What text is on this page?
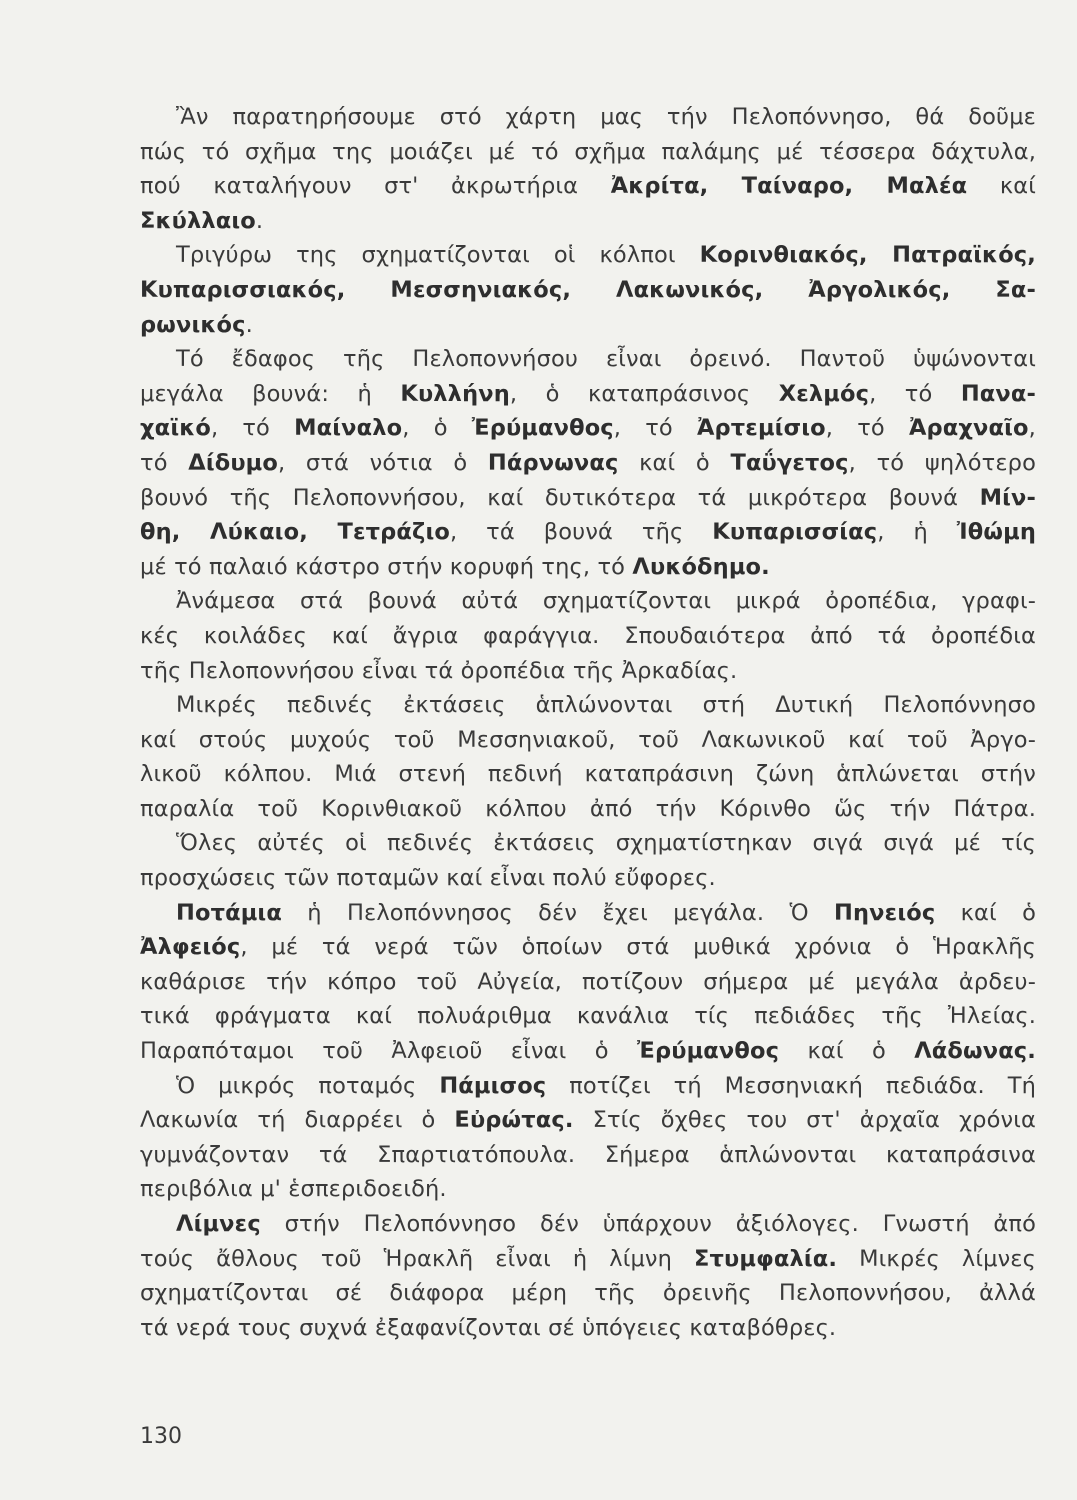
Ἂν παρατηρήσουμε στό χάρτη μας τήν Πελοπόννησο, θά δοῦμε
πώς τό σχῆμα της μοιάζει μέ τό σχῆμα παλάμης μέ τέσσερα δάχτυλα,
πού καταλήγουν στ' ἀκρωτήρια Ἀκρίτα, Ταίναρο, Μαλέα καί
Σκύλλαιο.
Τριγύρω της σχηματίζονται οἱ κόλποι Κορινθιακός, Πατραϊκός,
Κυπαρισσιακός, Μεσσηνιακός, Λακωνικός, Ἀργολικός, Σα-
ρωνικός.
Τό ἔδαφος τῆς Πελοποννήσου εἶναι ὀρεινό. Παντοῦ ὑψώνονται
μεγάλα βουνά: ἡ Κυλλήνη, ὁ καταπράσινος Χελμός, τό Πανα-
χαϊκό, τό Μαίναλο, ὁ Ἐρύμανθος, τό Ἀρτεμίσιο, τό Ἀραχναῖο,
τό Δίδυμο, στά νότια ὁ Πάρνωνας καί ὁ Ταΰγετος, τό ψηλότερο
βουνό τῆς Πελοποννήσου, καί δυτικότερα τά μικρότερα βουνά Μίν-
θη, Λύκαιο, Τετράζιο, τά βουνά τῆς Κυπαρισσίας, ἡ Ἰθώμη
μέ τό παλαιό κάστρο στήν κορυφή της, τό Λυκόδημο.
Ἀνάμεσα στά βουνά αὐτά σχηματίζονται μικρά ὀροπέδια, γραφι-
κές κοιλάδες καί ἄγρια φαράγγια. Σπουδαιότερα ἀπό τά ὀροπέδια
τῆς Πελοποννήσου εἶναι τά ὀροπέδια τῆς Ἀρκαδίας.
Μικρές πεδινές ἐκτάσεις ἁπλώνονται στή Δυτική Πελοπόννησο
καί στούς μυχούς τοῦ Μεσσηνιακοῦ, τοῦ Λακωνικοῦ καί τοῦ Ἀργο-
λικοῦ κόλπου. Μιά στενή πεδινή καταπράσινη ζώνη ἁπλώνεται στήν
παραλία τοῦ Κορινθιακοῦ κόλπου ἀπό τήν Κόρινθο ὥς τήν Πάτρα.
Ὅλες αὐτές οἱ πεδινές ἐκτάσεις σχηματίστηκαν σιγά σιγά μέ τίς
προσχώσεις τῶν ποταμῶν καί εἶναι πολύ εὔφορες.
Ποτάμια ἡ Πελοπόννησος δέν ἔχει μεγάλα. Ὁ Πηνειός καί ὁ
Ἀλφειός, μέ τά νερά τῶν ὁποίων στά μυθικά χρόνια ὁ Ἡρακλῆς
καθάρισε τήν κόπρο τοῦ Αὐγεία, ποτίζουν σήμερα μέ μεγάλα ἀρδευ-
τικά φράγματα καί πολυάριθμα κανάλια τίς πεδιάδες τῆς Ἠλείας.
Παραπόταμοι τοῦ Ἀλφειοῦ εἶναι ὁ Ἐρύμανθος καί ὁ Λάδωνας.
Ὁ μικρός ποταμός Πάμισος ποτίζει τή Μεσσηνιακή πεδιάδα. Τή
Λακωνία τή διαρρέει ὁ Εὐρώτας. Στίς ὄχθες του στ' ἀρχαῖα χρόνια
γυμνάζονταν τά Σπαρτιατόπουλα. Σήμερα ἁπλώνονται καταπράσινα
περιβόλια μ' ἑσπεριδοειδή.
Λίμνες στήν Πελοπόννησο δέν ὑπάρχουν ἀξιόλογες. Γνωστή ἀπό
τούς ἄθλους τοῦ Ἡρακλῆ εἶναι ἡ λίμνη Στυμφαλία. Μικρές λίμνες
σχηματίζονται σέ διάφορα μέρη τῆς ὀρεινῆς Πελοποννήσου, ἀλλά
τά νερά τους συχνά ἐξαφανίζονται σέ ὑπόγειες καταβόθρες.
130
